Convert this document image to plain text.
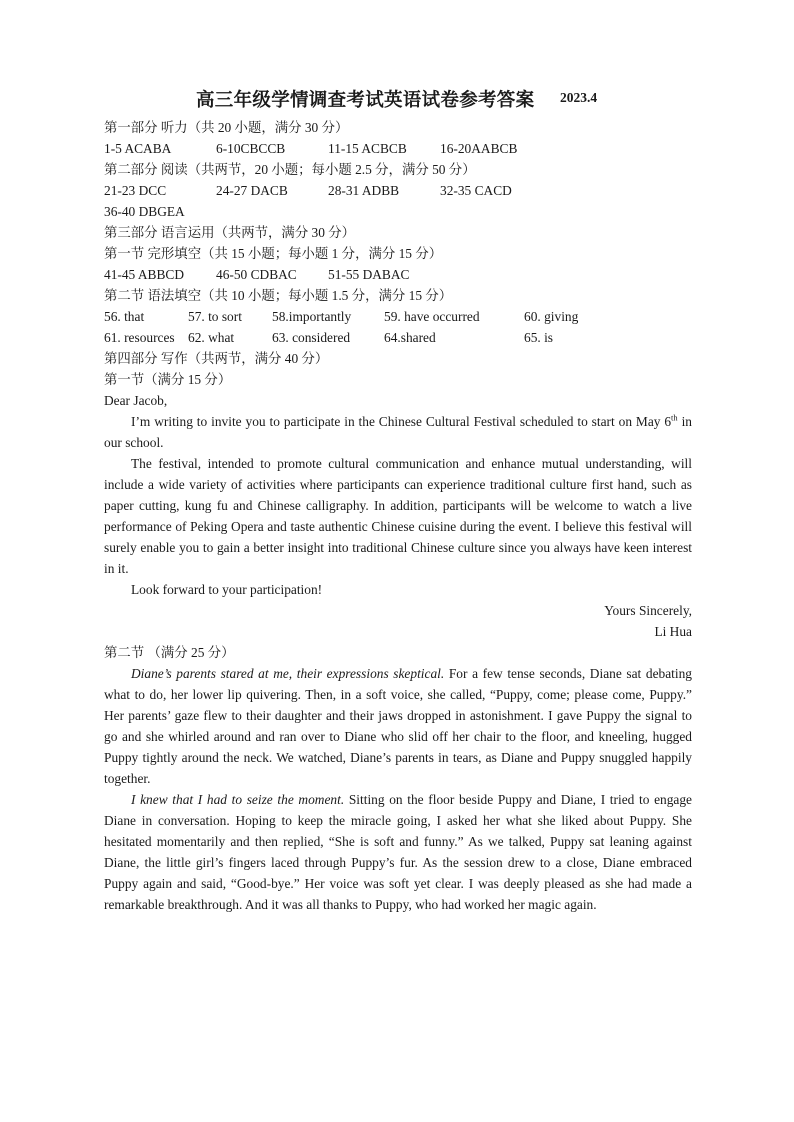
高三年级学情调查考试英语试卷参考答案 2023.4
第一部分 听力（共 20 小题，满分 30 分）
1-5 ACABA	6-10CBCCB	11-15 ACBCB 16-20AABCB
第二部分 阅读（共两节，20 小题；每小题 2.5 分，满分 50 分）
21-23 DCC	24-27 DACB	28-31 ADBB	32-35 CACD
36-40 DBGEA
第三部分 语言运用（共两节，满分 30 分）
第一节 完形填空（共 15 小题；每小题 1 分，满分 15 分）
41-45 ABBCD 46-50 CDBAC 51-55 DABAC
第二节 语法填空（共 10 小题；每小题 1.5 分，满分 15 分）
56. that	57. to sort 58.importantly 59. have occurred	60. giving
61. resources 62. what	63. considered	64.shared	65. is
第四部分 写作（共两节，满分 40 分）
第一节（满分 15 分）
Dear Jacob,

I’m writing to invite you to participate in the Chinese Cultural Festival scheduled to start on May 6th in our school.

The festival, intended to promote cultural communication and enhance mutual understanding, will include a wide variety of activities where participants can experience traditional culture first hand, such as paper cutting, kung fu and Chinese calligraphy. In addition, participants will be welcome to watch a live performance of Peking Opera and taste authentic Chinese cuisine during the event. I believe this festival will surely enable you to gain a better insight into traditional Chinese culture since you always have keen interest in it.

Look forward to your participation!

Yours Sincerely,
Li Hua
第二节 （满分 25 分）

Diane’s parents stared at me, their expressions skeptical. For a few tense seconds, Diane sat debating what to do, her lower lip quivering. Then, in a soft voice, she called, “Puppy, come; please come, Puppy.” Her parents’ gaze flew to their daughter and their jaws dropped in astonishment. I gave Puppy the signal to go and she whirled around and ran over to Diane who slid off her chair to the floor, and kneeling, hugged Puppy tightly around the neck. We watched, Diane’s parents in tears, as Diane and Puppy snuggled happily together.

I knew that I had to seize the moment. Sitting on the floor beside Puppy and Diane, I tried to engage Diane in conversation. Hoping to keep the miracle going, I asked her what she liked about Puppy. She hesitated momentarily and then replied, “She is soft and funny.” As we talked, Puppy sat leaning against Diane, the little girl’s fingers laced through Puppy’s fur. As the session drew to a close, Diane embraced Puppy again and said, “Good-bye.” Her voice was soft yet clear. I was deeply pleased as she had made a remarkable breakthrough. And it was all thanks to Puppy, who had worked her magic again.
